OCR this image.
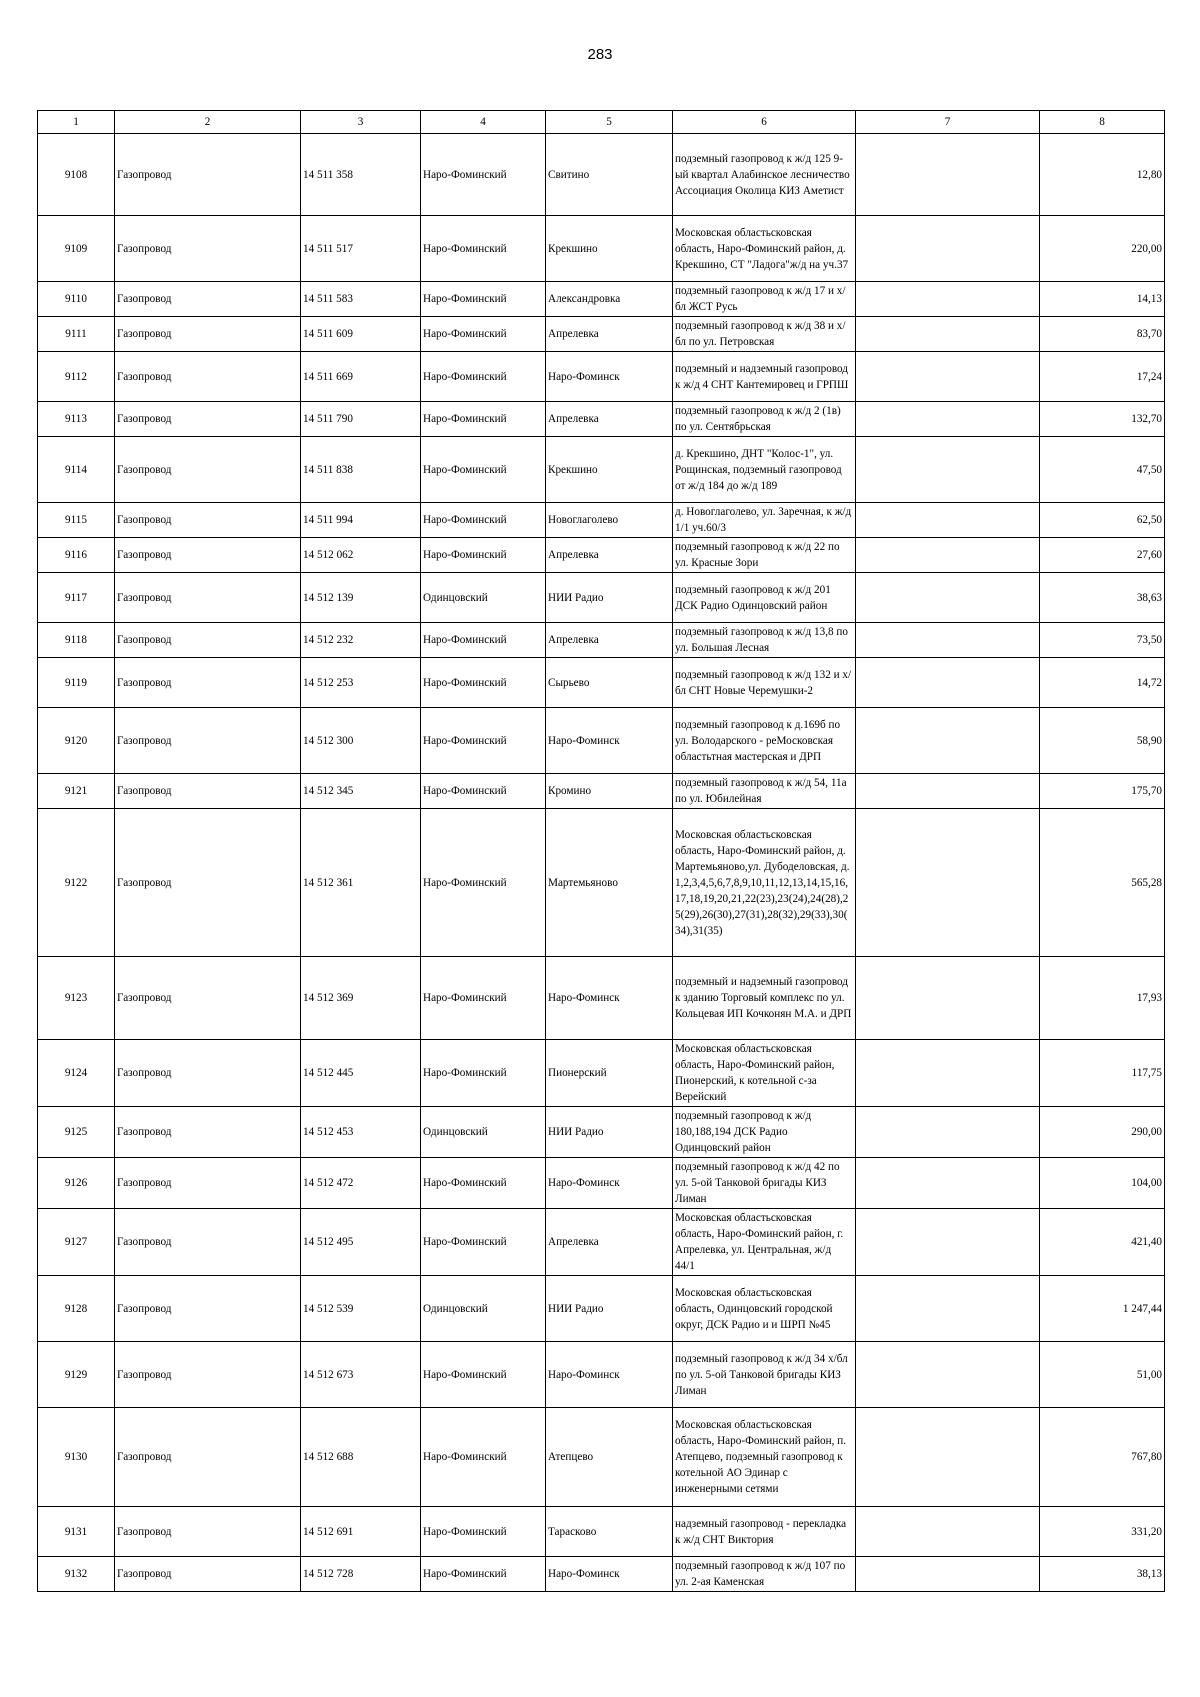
283
1	2	3	4	5	6	7	8
9108	Газопровод	14 511 358	Наро-Фоминский	Свитино	подземный газопровод к ж/д 125 9-ый квартал Алабинское лесничество Ассоциация Околица КИЗ Аметист		12,80
9109	Газопровод	14 511 517	Наро-Фоминский	Крекшино	Московская областьсковская область, Наро-Фоминский район, д. Крекшино, СТ "Ладога"ж/д на уч.37		220,00
9110	Газопровод	14 511 583	Наро-Фоминский	Александровка	подземный газопровод к ж/д 17 и х/бл ЖСТ Русь		14,13
9111	Газопровод	14 511 609	Наро-Фоминский	Апрелевка	подземный газопровод к ж/д 38 и х/бл по ул. Петровская		83,70
9112	Газопровод	14 511 669	Наро-Фоминский	Наро-Фоминск	подземный и надземный газопровод к ж/д 4 СНТ Кантемировец и ГРПШ		17,24
9113	Газопровод	14 511 790	Наро-Фоминский	Апрелевка	подземный газопровод к ж/д 2 (1в) по ул. Сентябрьская		132,70
9114	Газопровод	14 511 838	Наро-Фоминский	Крекшино	д. Крекшино, ДНТ "Колос-1", ул. Рощинская, подземный газопровод от ж/д 184 до ж/д 189		47,50
9115	Газопровод	14 511 994	Наро-Фоминский	Новоглаголево	д. Новоглаголево, ул. Заречная, к ж/д 1/1 уч.60/3		62,50
9116	Газопровод	14 512 062	Наро-Фоминский	Апрелевка	подземный газопровод к ж/д 22 по ул. Красные Зори		27,60
9117	Газопровод	14 512 139	Одинцовский	НИИ Радио	подземный газопровод к ж/д 201 ДСК Радио Одинцовский район		38,63
9118	Газопровод	14 512 232	Наро-Фоминский	Апрелевка	подземный газопровод к ж/д 13,8 по ул. Большая Лесная		73,50
9119	Газопровод	14 512 253	Наро-Фоминский	Сырьево	подземный газопровод к ж/д 132 и х/бл СНТ Новые Черемушки-2		14,72
9120	Газопровод	14 512 300	Наро-Фоминский	Наро-Фоминск	подземный газопровод к д.169б по ул. Володарского - реМосковская областьтная мастерская и ДРП		58,90
9121	Газопровод	14 512 345	Наро-Фоминский	Кромино	подземный газопровод к ж/д 54, 11а по ул. Юбилейная		175,70
9122	Газопровод	14 512 361	Наро-Фоминский	Мартемьяново	Московская областьсковская область, Наро-Фоминский район, д. Мартемьяново,ул. Дубоделовская, д. 1,2,3,4,5,6,7,8,9,10,11,12,13,14,15,16,17,18,19,20,21,22(23),23(24),24(28),25(29),26(30),27(31),28(32),29(33),30(34),31(35)		565,28
9123	Газопровод	14 512 369	Наро-Фоминский	Наро-Фоминск	подземный и надземный газопровод к зданию Торговый комплекс по ул. Кольцевая ИП Кочконян М.А. и ДРП		17,93
9124	Газопровод	14 512 445	Наро-Фоминский	Пионерский	Московская областьсковская область, Наро-Фоминский район, Пионерский, к котельной с-за Верейский		117,75
9125	Газопровод	14 512 453	Одинцовский	НИИ Радио	подземный газопровод к ж/д 180,188,194 ДСК Радио Одинцовский район		290,00
9126	Газопровод	14 512 472	Наро-Фоминский	Наро-Фоминск	подземный газопровод к ж/д 42 по ул. 5-ой Танковой бригады КИЗ Лиман		104,00
9127	Газопровод	14 512 495	Наро-Фоминский	Апрелевка	Московская областьсковская область, Наро-Фоминский район, г. Апрелевка, ул. Центральная, ж/д 44/1		421,40
9128	Газопровод	14 512 539	Одинцовский	НИИ Радио	Московская областьсковская область, Одинцовский городской округ, ДСК Радио и и ШРП №45		1 247,44
9129	Газопровод	14 512 673	Наро-Фоминский	Наро-Фоминск	подземный газопровод к ж/д 34 х/бл по ул. 5-ой Танковой бригады КИЗ Лиман		51,00
9130	Газопровод	14 512 688	Наро-Фоминский	Атепцево	Московская областьсковская область, Наро-Фоминский район, п. Атепцево, подземный газопровод к котельной АО Эдинар с инженерными сетями		767,80
9131	Газопровод	14 512 691	Наро-Фоминский	Тарасково	надземный газопровод - перекладка к ж/д СНТ Виктория		331,20
9132	Газопровод	14 512 728	Наро-Фоминский	Наро-Фоминск	подземный газопровод к ж/д 107 по ул. 2-ая Каменская		38,13
